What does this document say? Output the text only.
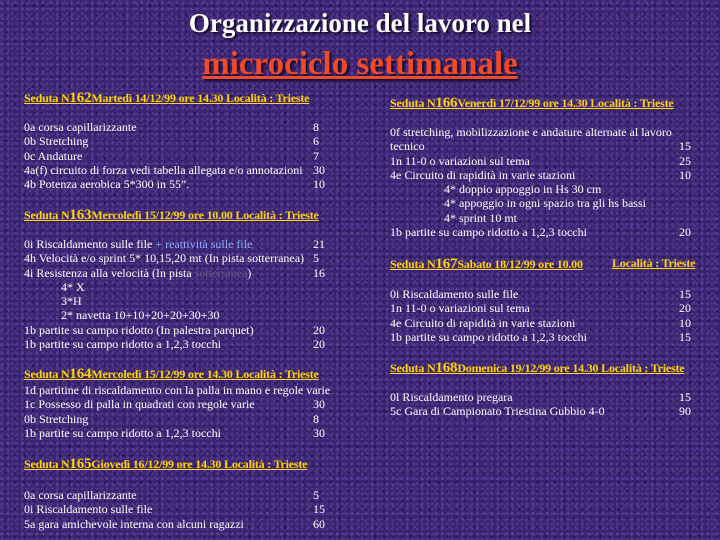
Organizzazione del lavoro nel
microciclo settimanale
Seduta N162Martedì 14/12/99 ore 14.30 Località : Trieste
0a corsa capillarizzante	8
0b Stretching	6
0c Andature	7
4a(f) circuito di forza vedi tabella allegata e/o annotazioni 30
4b Potenza aerobica 5*300 in 55”.	10
Seduta N163Mercoledì 15/12/99 ore 10.00 Località : Trieste
0i Riscaldamento sulle file + reattività sulle file	21
4h Velocità e/o sprint 5* 10,15,20 mt (In pista sotterranea) 5
4i Resistenza alla velocità (In pista sotterranea)	16
4* X
3*H
2* navetta 10+10+20+20+30+30
1b partite su campo ridotto (In palestra parquet)	20
1b partite su campo ridotto a 1,2,3 tocchi	20
Seduta N164Mercoledì 15/12/99 ore 14.30 Località : Trieste
1d partitine di riscaldamento con la palla in mano e regole varie
1c Possesso di palla in quadrati con regole varie	30
0b Stretching	8
1b partite su campo ridotto a 1,2,3 tocchi	30
Seduta N165Giovedì 16/12/99 ore 14.30 Località : Trieste
0a corsa capillarizzante	5
0i Riscaldamento sulle file	15
5a gara amichevole interna con alcuni ragazzi	60
Seduta N166Venerdì 17/12/99 ore 14.30 Località : Trieste
0f stretching, mobilizzazione e andature alternate al lavoro
tecnico	15
1n 11-0 o variazioni sul tema	25
4e Circuito di rapidità in varie stazioni	10
4* doppio appoggio in Hs 30 cm
4* appoggio in ogni spazio tra gli hs bassi
4* sprint 10 mt
1b partite su campo ridotto a 1,2,3 tocchi	20
Seduta N167Sabato 18/12/99 ore 10.00 Località : Trieste
0i Riscaldamento sulle file	15
1n 11-0 o variazioni sul tema	20
4e Circuito di rapidità in varie stazioni	10
1b partite su campo ridotto a 1,2,3 tocchi	15
Seduta N168Domenica 19/12/99 ore 14.30 Località : Trieste
0l Riscaldamento pregara	15
5c Gara di Campionato Triestina Gubbio 4-0	90
